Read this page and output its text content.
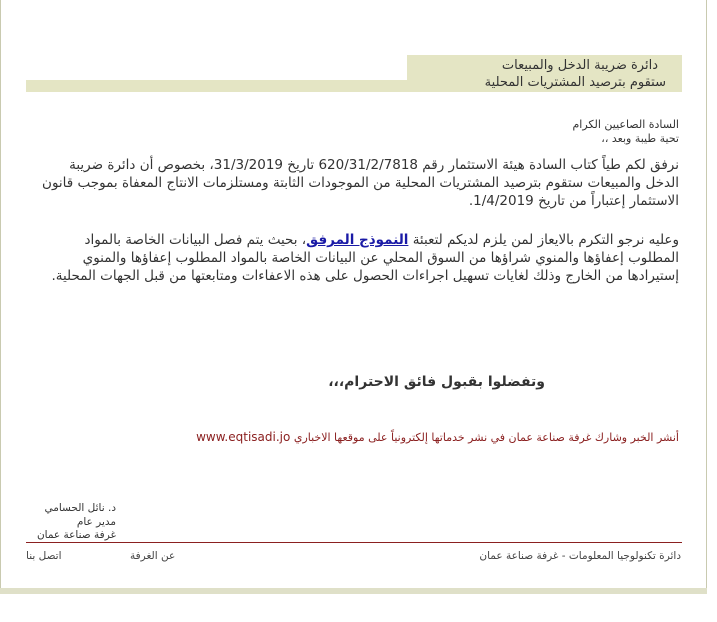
دائرة ضريبة الدخل والمبيعات
ستقوم بترصيد المشتريات المحلية
السادة الصاعيين الكرام
تحية طيبة وبعد ،،
نرفق لكم طياً كتاب السادة هيئة الاستثمار رقم 620/31/2/7818 تاريخ 31/3/2019، بخصوص أن دائرة ضريبة الدخل والمبيعات ستقوم بترصيد المشتريات المحلية من الموجودات الثابتة ومستلزمات الانتاج المعفاة بموجب قانون الاستثمار إعتباراً من تاريخ 1/4/2019.
وعليه نرجو التكرم بالايعاز لمن يلزم لديكم لتعبئة النموذج المرفق، بحيث يتم فصل البيانات الخاصة بالمواد المطلوب إعفاؤها والمنوي شراؤها من السوق المحلي عن البيانات الخاصة بالمواد المطلوب إعفاؤها والمنوي إستيرادها من الخارج وذلك لغايات تسهيل اجراءات الحصول على هذه الاعفاءات ومتابعتها من قبل الجهات المحلية.
وتفضلوا بقبول فائق الاحترام،،،
أنشر الخبر وشارك غرفة صناعة عمان في نشر خدماتها إلكترونياً على موقعها الاخباري www.eqtisadi.jo
د. نائل الحسامي
مدير عام
غرفة صناعة عمان
اتصل بنا	عن الغرفة	دائرة تكنولوجيا المعلومات - غرفة صناعة عمان
